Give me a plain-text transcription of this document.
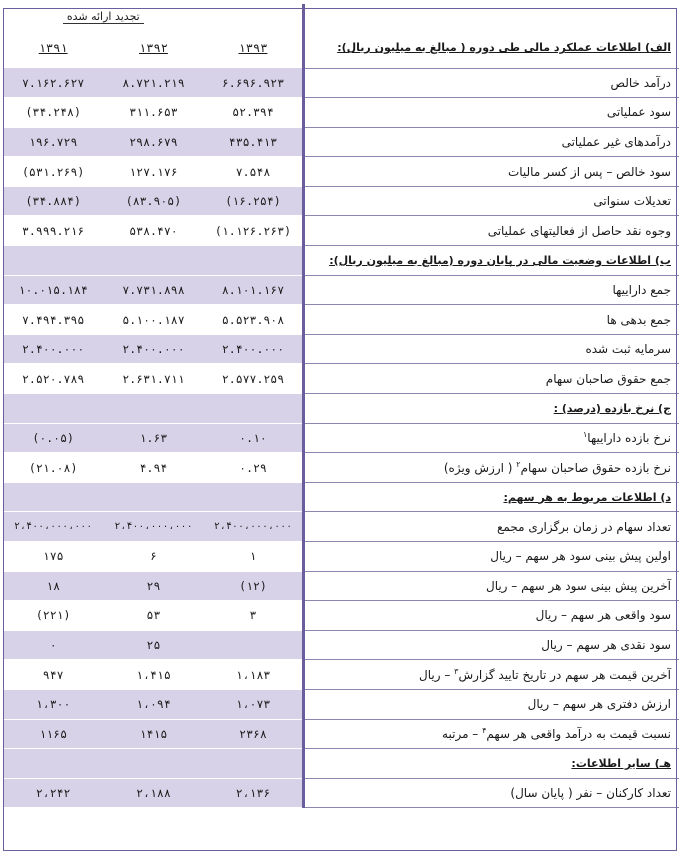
		تجدید ارائه شده	
الف) اطلاعات عملکرد مالی طی دوره ( مبالغ به میلیون ریال):	۱۳۹۳	۱۳۹۲	۱۳۹۱
درآمد خالص	۶.۶۹۶.۹۲۳	۸.۷۲۱.۲۱۹	۷.۱۶۲.۶۲۷
سود عملیاتی	۵۲.۳۹۴	۳۱۱.۶۵۳	(۳۴.۲۴۸)
درآمدهای غیر عملیاتی	۴۳۵.۴۱۳	۲۹۸.۶۷۹	۱۹۶.۷۲۹
سود خالص – پس از کسر مالیات	۷.۵۴۸	۱۲۷.۱۷۶	(۵۳۱.۲۶۹)
تعدیلات سنواتی	(۱۶.۲۵۴)	(۸۳.۹۰۵)	(۳۴.۸۸۴)
وجوه نقد حاصل از فعالیتهای عملیاتی	(۱.۱۲۶.۲۶۳)	۵۳۸.۴۷۰	۳.۹۹۹.۲۱۶
ب) اطلاعات وضعیت مالی در پایان دوره (مبالغ به میلیون ریال):			
جمع داراییها	۸.۱۰۱.۱۶۷	۷.۷۳۱.۸۹۸	۱۰.۰۱۵.۱۸۴
جمع بدهی ها	۵.۵۲۳.۹۰۸	۵.۱۰۰.۱۸۷	۷.۴۹۴.۳۹۵
سرمایه ثبت شده	۲.۴۰۰.۰۰۰	۲.۴۰۰.۰۰۰	۲.۴۰۰.۰۰۰
جمع حقوق صاحبان سهام	۲.۵۷۷.۲۵۹	۲.۶۳۱.۷۱۱	۲.۵۲۰.۷۸۹
ج) نرخ بازده (درصد) :			
نرخ بازده داراییها$^۱$	۰.۱۰	۱.۶۳	(۰.۰۵)
نرخ بازده حقوق صاحبان سهام$^۲$ ( ارزش ویژه)	۰.۲۹	۴.۹۴	(۲۱.۰۸)
د) اطلاعات مربوط به هر سهم:			
تعداد سهام در زمان برگزاری مجمع	۲،۴۰۰،۰۰۰،۰۰۰	۲،۴۰۰،۰۰۰،۰۰۰	۲،۴۰۰،۰۰۰،۰۰۰
اولین پیش بینی سود هر سهم – ریال	۱	۶	۱۷۵
آخرین پیش بینی سود هر سهم – ریال	(۱۲)	۲۹	۱۸
سود واقعی هر سهم – ریال	۳	۵۳	(۲۲۱)
سود نقدی هر سهم – ریال		۲۵	۰
آخرین قیمت هر سهم در تاریخ تایید گزارش$^۳$ – ریال	۱،۱۸۳	۱،۴۱۵	۹۴۷
ارزش دفتری هر سهم – ریال	۱،۰۷۳	۱،۰۹۴	۱،۳۰۰
نسبت قیمت به درآمد واقعی هر سهم$^۴$ – مرتبه	۲۳۶۸	۱۴۱۵	۱۱۶۵
هـ) سایر اطلاعات:			
تعداد کارکنان – نفر ( پایان سال)	۲،۱۳۶	۲،۱۸۸	۲،۲۴۲
